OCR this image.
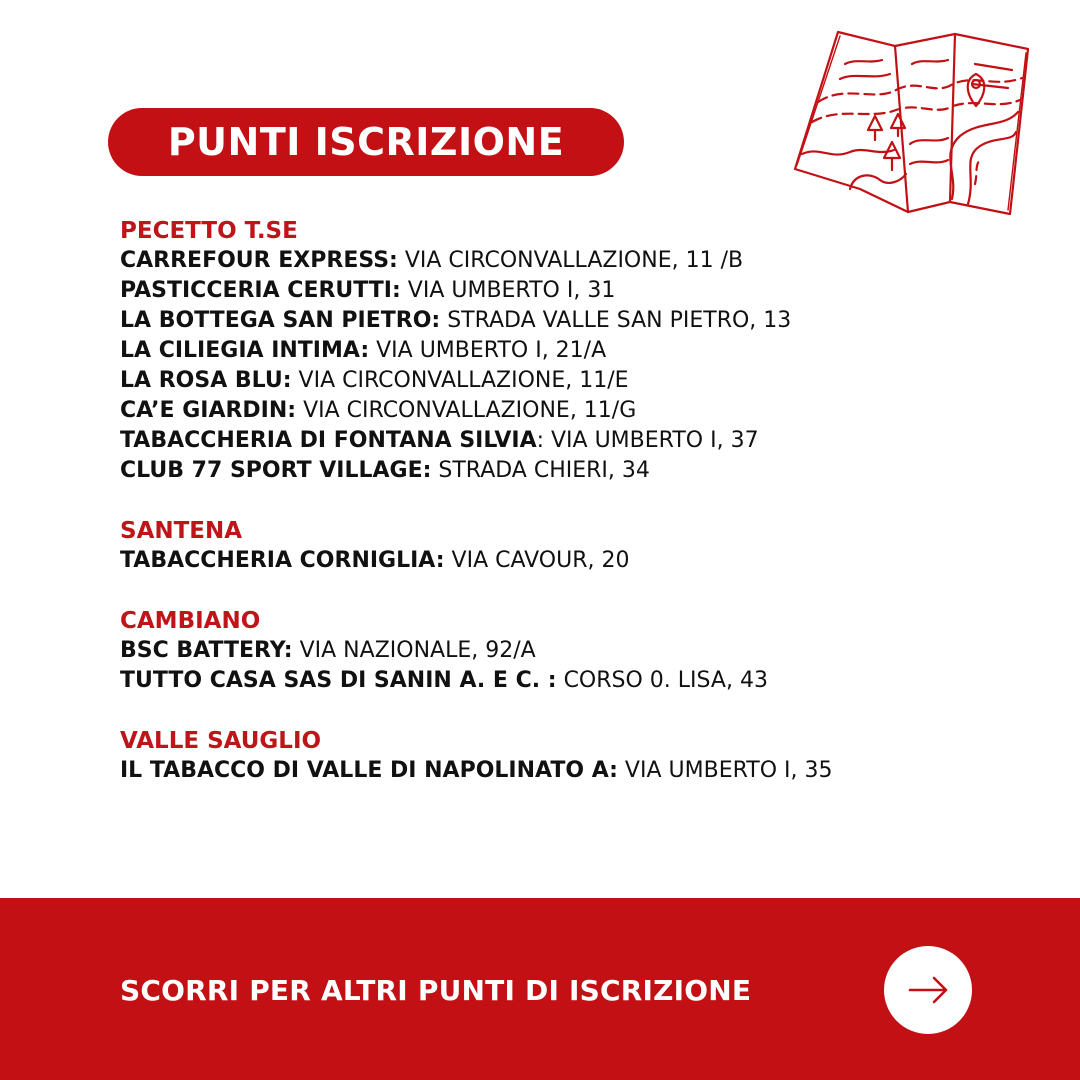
PUNTI ISCRIZIONE
PECETTO T.SE
CARREFOUR EXPRESS: VIA CIRCONVALLAZIONE, 11 /B
PASTICCERIA CERUTTI: VIA UMBERTO I, 31
LA BOTTEGA SAN PIETRO: STRADA VALLE SAN PIETRO, 13
LA CILIEGIA INTIMA: VIA UMBERTO I, 21/A
LA ROSA BLU: VIA CIRCONVALLAZIONE, 11/E
CA’E GIARDIN: VIA CIRCONVALLAZIONE, 11/G
TABACCHERIA DI FONTANA SILVIA: VIA UMBERTO I, 37
CLUB 77 SPORT VILLAGE: STRADA CHIERI, 34
SANTENA
TABACCHERIA CORNIGLIA: VIA CAVOUR, 20
CAMBIANO
BSC BATTERY: VIA NAZIONALE, 92/A
TUTTO CASA SAS DI SANIN A. E C. : CORSO 0. LISA, 43
VALLE SAUGLIO
IL TABACCO DI VALLE DI NAPOLINATO A: VIA UMBERTO I, 35
SCORRI PER ALTRI PUNTI DI ISCRIZIONE
